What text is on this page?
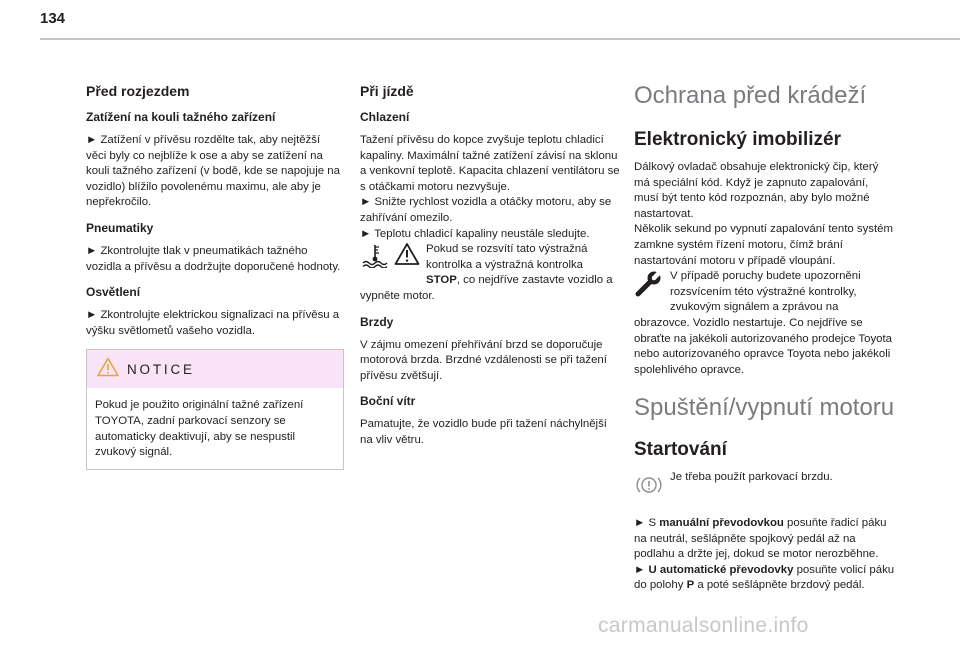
134
Před rozjezdem
Zatížení na kouli tažného zařízení

► Zatížení v přívěsu rozdělte tak, aby nejtěžší věci byly co nejblíže k ose a aby se zatížení na kouli tažného zařízení (v bodě, kde se napojuje na vozidlo) blížilo povolenému maximu, ale aby je nepřekročilo.

Pneumatiky

► Zkontrolujte tlak v pneumatikách tažného vozidla a přívěsu a dodržujte doporučené hodnoty.

Osvětlení

► Zkontrolujte elektrickou signalizaci na přívěsu a výšku světlometů vašeho vozidla.

NOTICE
Pokud je použito originální tažné zařízení TOYOTA, zadní parkovací senzory se automaticky deaktivují, aby se nespustil zvukový signál.
Při jízdě
Chlazení

Tažení přívěsu do kopce zvyšuje teplotu chladicí kapaliny. Maximální tažné zatížení závisí na sklonu a venkovní teplotě. Kapacita chlazení ventilátoru se s otáčkami motoru nezvyšuje.

► Snižte rychlost vozidla a otáčky motoru, aby se zahřívání omezilo.

► Teplotu chladicí kapaliny neustále sledujte.

Pokud se rozsvítí tato výstražná kontrolka a výstražná kontrolka STOP, co nejdříve zastavte vozidlo a vypněte motor.
Brzdy

V zájmu omezení přehřívání brzd se doporučuje motorová brzda. Brzdné vzdálenosti se při tažení přívěsu zvětšují.

Boční vítr

Pamatujte, že vozidlo bude při tažení náchylnější na vliv větru.

Ochrana před krádeží
Elektronický imobilizér

Dálkový ovladač obsahuje elektronický čip, který má speciální kód. Když je zapnuto zapalování, musí být tento kód rozpoznán, aby bylo možné nastartovat.

Několik sekund po vypnutí zapalování tento systém zamkne systém řízení motoru, čímž brání nastartování motoru v případě vloupání.

V případě poruchy budete upozorněni rozsvícením této výstražné kontrolky, zvukovým signálem a zprávou na obrazovce. Vozidlo nestartuje. Co nejdříve se obraťte na jakékoli autorizovaného prodejce Toyota nebo autorizovaného opravce Toyota nebo jakékoli spolehlivého opravce.
Spuštění/vypnutí motoru
Startování
Je třeba použít parkovací brzdu.

► S manuální převodovkou posuňte řadicí páku na neutrál, sešlápněte spojkový pedál až na podlahu a držte jej, dokud se motor nerozběhne.

► U automatické převodovky posuňte volicí páku do polohy P a poté sešlápněte brzdový pedál.

carmanualsonline.info
